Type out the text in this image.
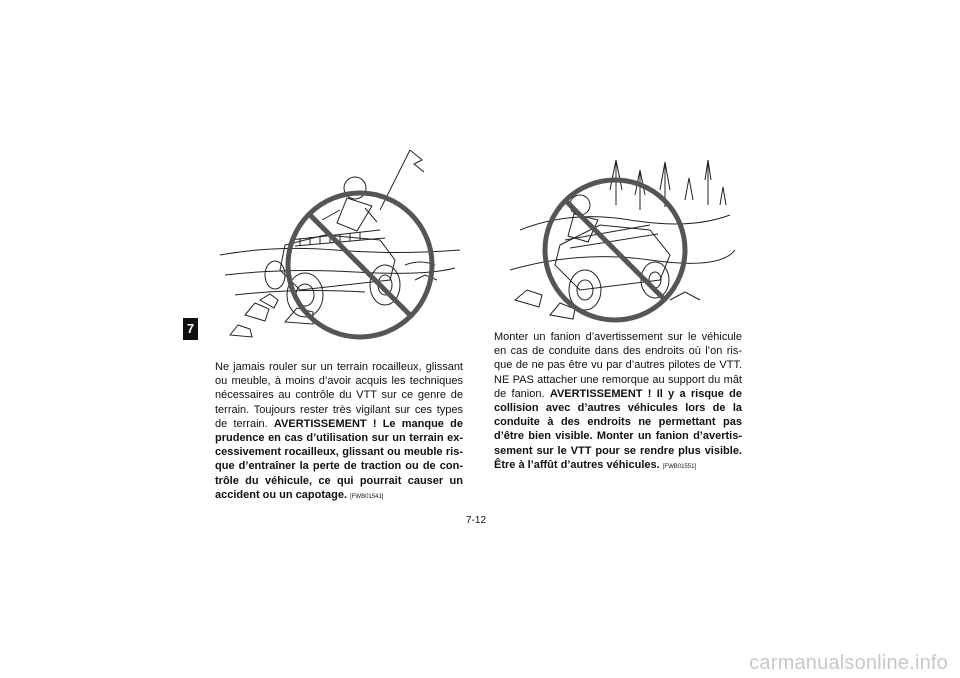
7
Ne jamais rouler sur un terrain rocailleux, glissant ou meuble, à moins d’avoir acquis les techniques nécessaires au contrôle du VTT sur ce genre de terrain. Toujours rester très vigilant sur ces types de terrain. AVERTISSEMENT ! Le manque de prudence en cas d’utilisation sur un terrain ex-cessivement rocailleux, glissant ou meuble ris-que d’entraîner la perte de traction ou de con-trôle du véhicule, ce qui pourrait causer un accident ou un capotage. [FWB01541]
Monter un fanion d’avertissement sur le véhicule en cas de conduite dans des endroits où l’on ris-que de ne pas être vu par d’autres pilotes de VTT. NE PAS attacher une remorque au support du mât de fanion. AVERTISSEMENT ! Il y a risque de collision avec d’autres véhicules lors de la conduite à des endroits ne permettant pas d’être bien visible. Monter un fanion d’avertis-sement sur le VTT pour se rendre plus visible. Être à l’affût d’autres véhicules. [FWB01551]
7-12
carmanualsonline.info
